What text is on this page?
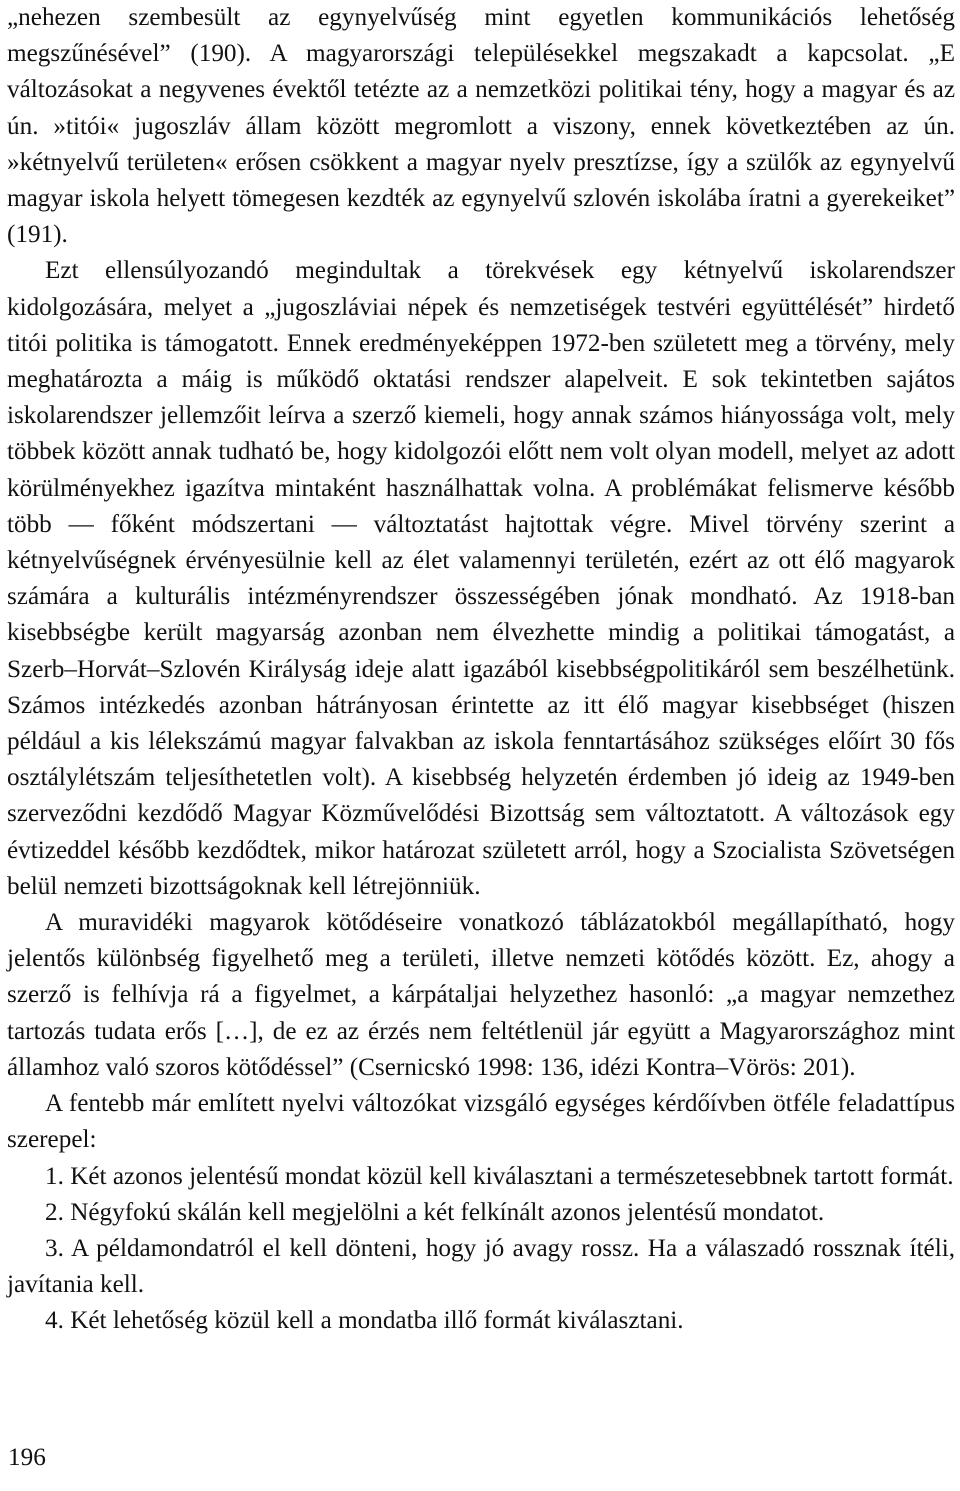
„nehezen szembesült az egynyelvűség mint egyetlen kommunikációs lehetőség megszűnésével” (190). A magyarországi településekkel megszakadt a kapcsolat. „E változásokat a negyvenes évektől tetézte az a nemzetközi politikai tény, hogy a magyar és az ún. »titói« jugoszláv állam között megromlott a viszony, ennek következtében az ún. »kétnyelvű területen« erősen csökkent a magyar nyelv presztízse, így a szülők az egynyelvű magyar iskola helyett tömegesen kezdték az egynyelvű szlovén iskolába íratni a gyerekeiket” (191).

Ezt ellensúlyozandó megindultak a törekvések egy kétnyelvű iskolarendszer kidolgozására, melyet a „jugoszláviai népek és nemzetiségek testvéri együttélését” hirdető titói politika is támogatott. Ennek eredményeképpen 1972-ben született meg a törvény, mely meghatározta a máig is működő oktatási rendszer alapelveit. E sok tekintetben sajátos iskolarendszer jellemzőit leírva a szerző kiemeli, hogy annak számos hiányossága volt, mely többek között annak tudható be, hogy kidolgozói előtt nem volt olyan modell, melyet az adott körülményekhez igazítva mintaként használhattak volna. A problémákat felismerve később több — főként módszertani — változtatást hajtottak végre. Mivel törvény szerint a kétnyelvűségnek érvényesülnie kell az élet valamennyi területén, ezért az ott élő magyarok számára a kulturális intézményrendszer összességében jónak mondható. Az 1918-ban kisebbségbe került magyarság azonban nem élvezhette mindig a politikai támogatást, a Szerb–Horvát–Szlovén Királyság ideje alatt igazából kisebbségpolitikáról sem beszélhetünk. Számos intézkedés azonban hátrányosan érintette az itt élő magyar kisebbséget (hiszen például a kis lélekszámú magyar falvakban az iskola fenntartásához szükséges előírt 30 fős osztálylétszám teljesíthetetlen volt). A kisebbség helyzetén érdemben jó ideig az 1949-ben szerveződni kezdődő Magyar Közművelődési Bizottság sem változtatott. A változások egy évtizeddel később kezdődtek, mikor határozat született arról, hogy a Szocialista Szövetségen belül nemzeti bizottságoknak kell létrejönniük.

A muravidéki magyarok kötődéseire vonatkozó táblázatokból megállapítható, hogy jelentős különbség figyelhető meg a területi, illetve nemzeti kötődés között. Ez, ahogy a szerző is felhívja rá a figyelmet, a kárpátaljai helyzethez hasonló: „a magyar nemzethez tartozás tudata erős […], de ez az érzés nem feltétlenül jár együtt a Magyarországhoz mint államhoz való szoros kötődéssel” (Csernicskó 1998: 136, idézi Kontra–Vörös: 201).

A fentebb már említett nyelvi változókat vizsgáló egységes kérdőívben ötféle feladattípus szerepel:

1. Két azonos jelentésű mondat közül kell kiválasztani a természetesebbnek tartott formát.

2. Négyfokú skálán kell megjelölni a két felkínált azonos jelentésű mondatot.

3. A példamondatról el kell dönteni, hogy jó avagy rossz. Ha a válaszadó rossznak ítéli, javítania kell.

4. Két lehetőség közül kell a mondatba illő formát kiválasztani.

196
